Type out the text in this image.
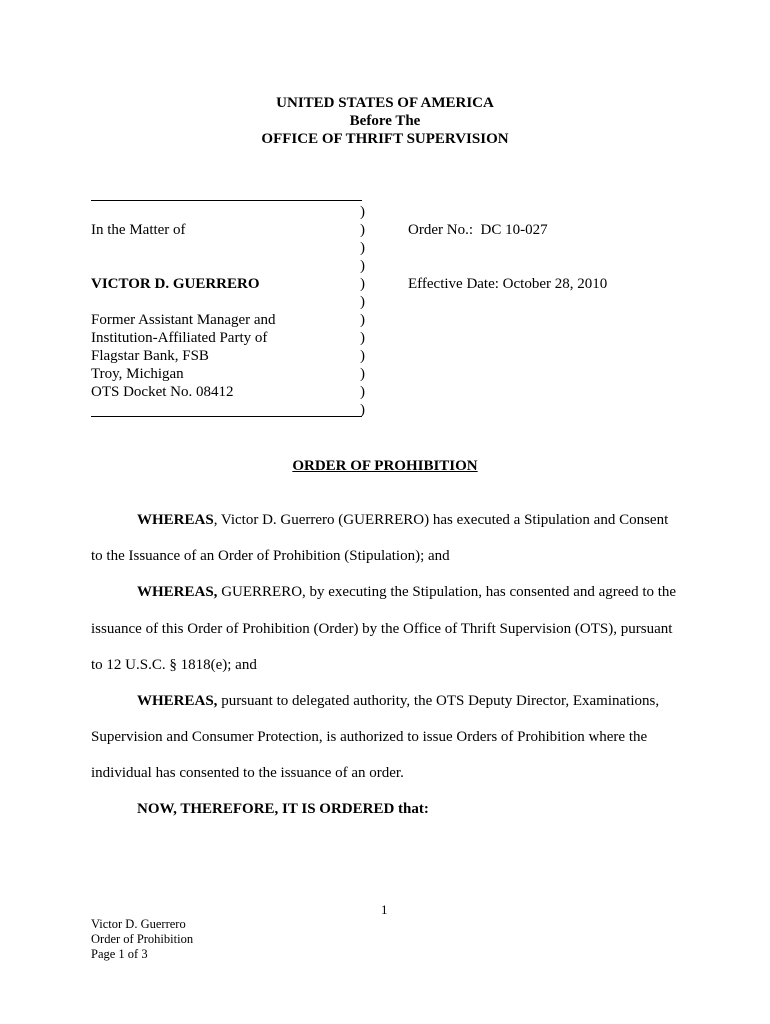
UNITED STATES OF AMERICA
Before The
OFFICE OF THRIFT SUPERVISION
)
)
)
)
)
)
)
)
)
)
)
)
In the Matter of
VICTOR D. GUERRERO
Former Assistant Manager and
Institution-Affiliated Party of
Flagstar Bank, FSB
Troy, Michigan
OTS Docket No. 08412
Order No.:  DC 10-027
Effective Date: October 28, 2010
ORDER OF PROHIBITION
WHEREAS, Victor D. Guerrero (GUERRERO) has executed a Stipulation and Consent
to the Issuance of an Order of Prohibition (Stipulation); and
WHEREAS, GUERRERO, by executing the Stipulation, has consented and agreed to the
issuance of this Order of Prohibition (Order) by the Office of Thrift Supervision (OTS), pursuant
to 12 U.S.C. § 1818(e); and
WHEREAS, pursuant to delegated authority, the OTS Deputy Director, Examinations,
Supervision and Consumer Protection, is authorized to issue Orders of Prohibition where the
individual has consented to the issuance of an order.
NOW, THEREFORE, IT IS ORDERED that:
1
Victor D. Guerrero
Order of Prohibition
Page 1 of 3
